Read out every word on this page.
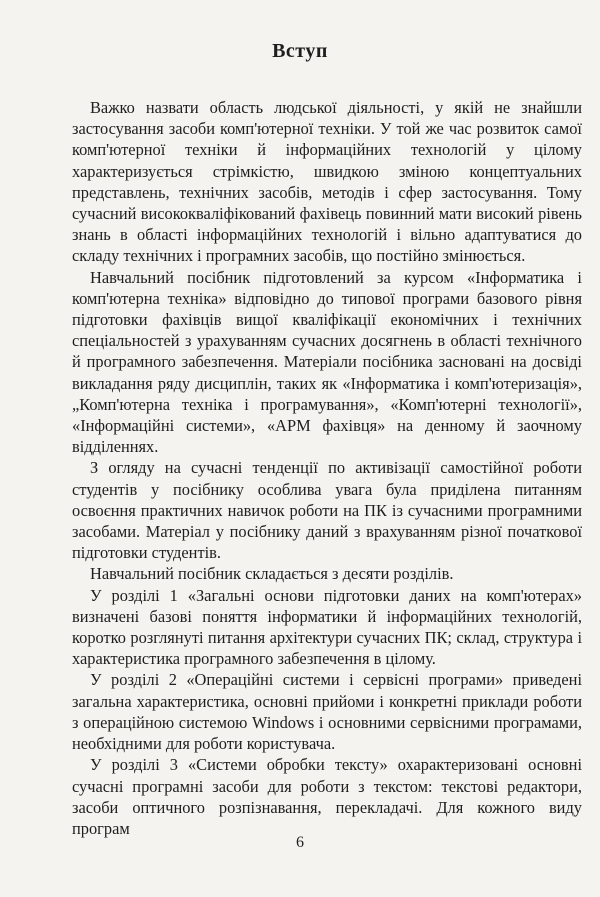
Вступ

Важко назвати область людської діяльності, у якій не знайшли застосування засоби комп'ютерної техніки. У той же час розвиток самої комп'ютерної техніки й інформаційних технологій у цілому характеризується стрімкістю, швидкою зміною концептуальних представлень, технічних засобів, методів і сфер застосування. Тому сучасний висококваліфікований фахівець повинний мати високий рівень знань в області інформаційних технологій і вільно адаптуватися до складу технічних і програмних засобів, що постійно змінюється.

Навчальний посібник підготовлений за курсом «Інформатика і комп'ютерна техніка» відповідно до типової програми базового рівня підготовки фахівців вищої кваліфікації економічних і технічних спеціальностей з урахуванням сучасних досягнень в області технічного й програмного забезпечення. Матеріали посібника засновані на досвіді викладання ряду дисциплін, таких як «Інформатика і комп'ютеризація», „Комп'ютерна техніка і програмування», «Комп'ютерні технології», «Інформаційні системи», «АРМ фахівця» на денному й заочному відділеннях.

З огляду на сучасні тенденції по активізації самостійної роботи студентів у посібнику особлива увага була приділена питанням освоєння практичних навичок роботи на ПК із сучасними програмними засобами. Матеріал у посібнику даний з врахуванням різної початкової підготовки студентів.

Навчальний посібник складається з десяти розділів.

У розділі 1 «Загальні основи підготовки даних на комп'ютерах» визначені базові поняття інформатики й інформаційних технологій, коротко розглянуті питання архітектури сучасних ПК; склад, структура і характеристика програмного забезпечення в цілому.

У розділі 2 «Операційні системи і сервісні програми» приведені загальна характеристика, основні прийоми і конкретні приклади роботи з операційною системою Windows і основними сервісними програмами, необхідними для роботи користувача.

У розділі 3 «Системи обробки тексту» охарактеризовані основні сучасні програмні засоби для роботи з текстом: текстові редактори, засоби оптичного розпізнавання, перекладачі. Для кожного виду програм

6
